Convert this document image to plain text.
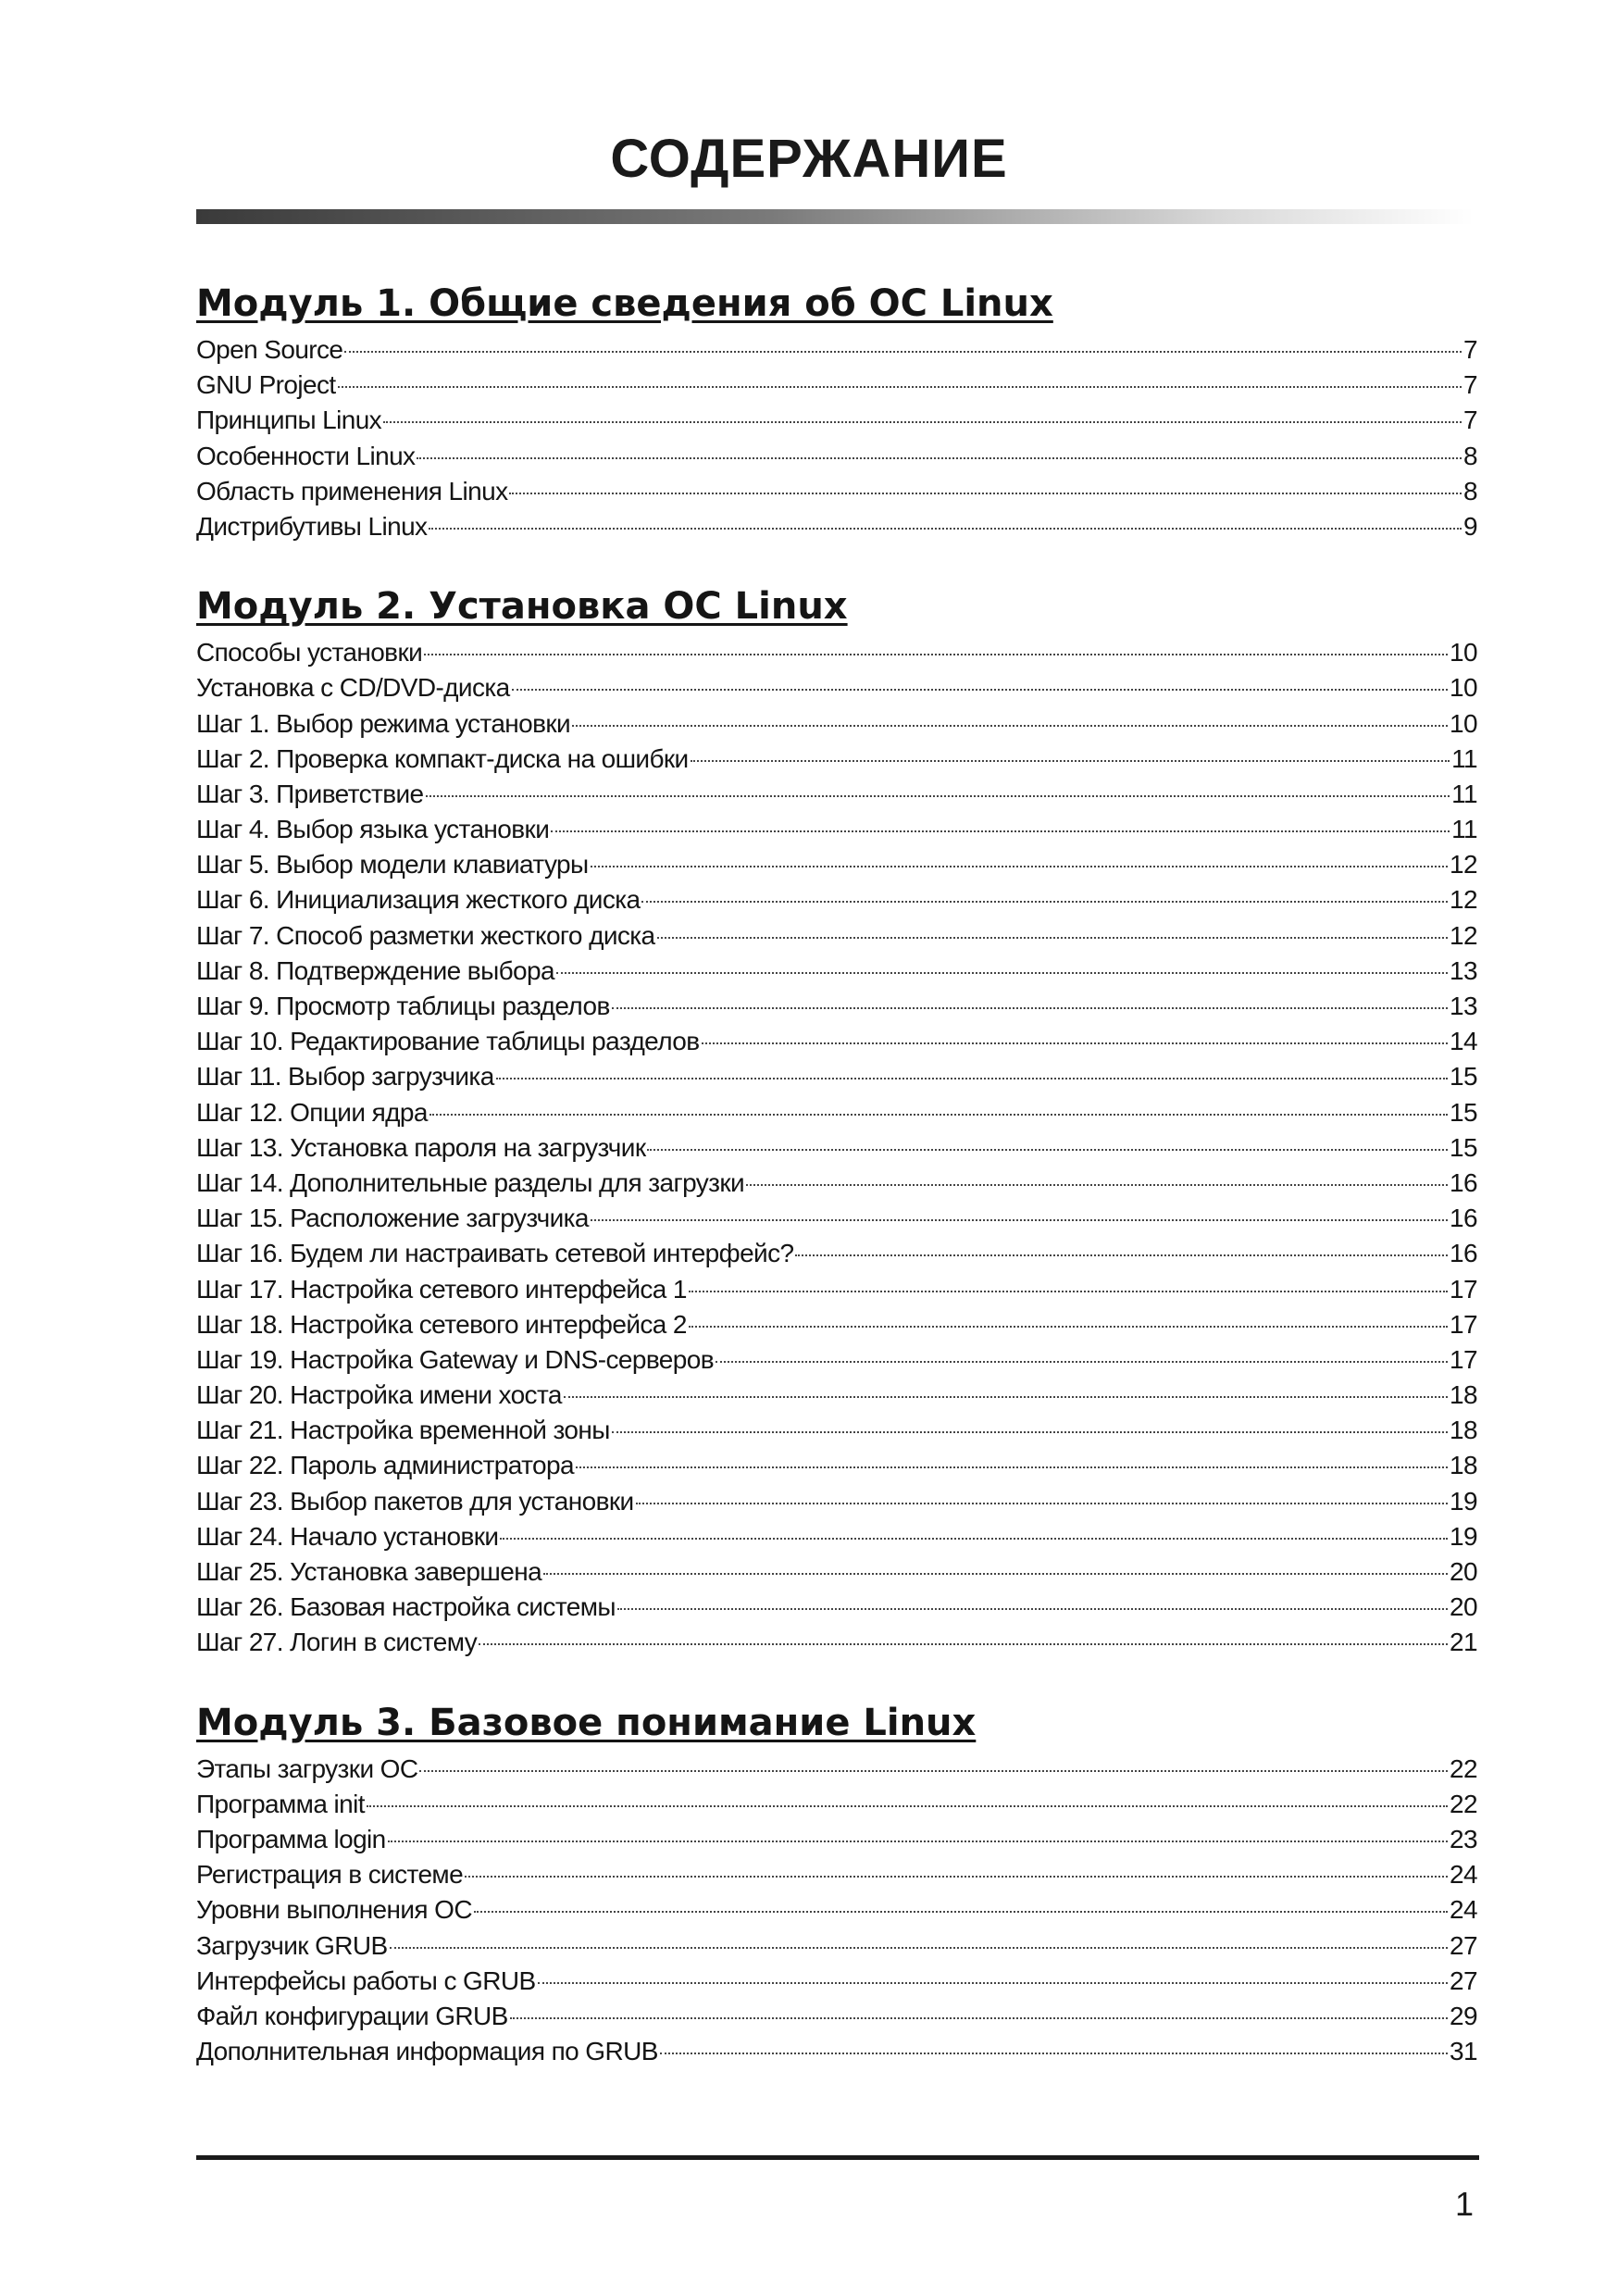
СОДЕРЖАНИЕ
Модуль 1. Общие сведения об ОС Linux
Open Source	7
GNU Project	7
Принципы Linux	7
Особенности Linux	8
Область применения Linux	8
Дистрибутивы Linux	9
Модуль 2. Установка ОС Linux
Способы установки	10
Установка с CD/DVD-диска	10
Шаг 1. Выбор режима установки	10
Шаг 2. Проверка компакт-диска на ошибки	11
Шаг 3. Приветствие	11
Шаг 4. Выбор языка установки	11
Шаг 5. Выбор модели клавиатуры	12
Шаг 6. Инициализация жесткого диска	12
Шаг 7. Способ разметки жесткого диска	12
Шаг 8. Подтверждение выбора	13
Шаг 9. Просмотр таблицы разделов	13
Шаг 10. Редактирование таблицы разделов	14
Шаг 11. Выбор загрузчика	15
Шаг 12. Опции ядра	15
Шаг 13. Установка пароля на загрузчик	15
Шаг 14. Дополнительные разделы для загрузки	16
Шаг 15. Расположение загрузчика	16
Шаг 16. Будем ли настраивать сетевой интерфейс?	16
Шаг 17. Настройка сетевого интерфейса 1	17
Шаг 18. Настройка сетевого интерфейса 2	17
Шаг 19. Настройка Gateway и DNS-серверов	17
Шаг 20. Настройка имени хоста	18
Шаг 21. Настройка временной зоны	18
Шаг 22. Пароль администратора	18
Шаг 23. Выбор пакетов для установки	19
Шаг 24. Начало установки	19
Шаг 25. Установка завершена	20
Шаг 26. Базовая настройка системы	20
Шаг 27. Логин в систему	21
Модуль 3. Базовое понимание Linux
Этапы загрузки ОС	22
Программа init	22
Программа login	23
Регистрация в системе	24
Уровни выполнения ОС	24
Загрузчик GRUB	27
Интерфейсы работы с GRUB	27
Файл конфигурации GRUB	29
Дополнительная информация по GRUB	31
1
